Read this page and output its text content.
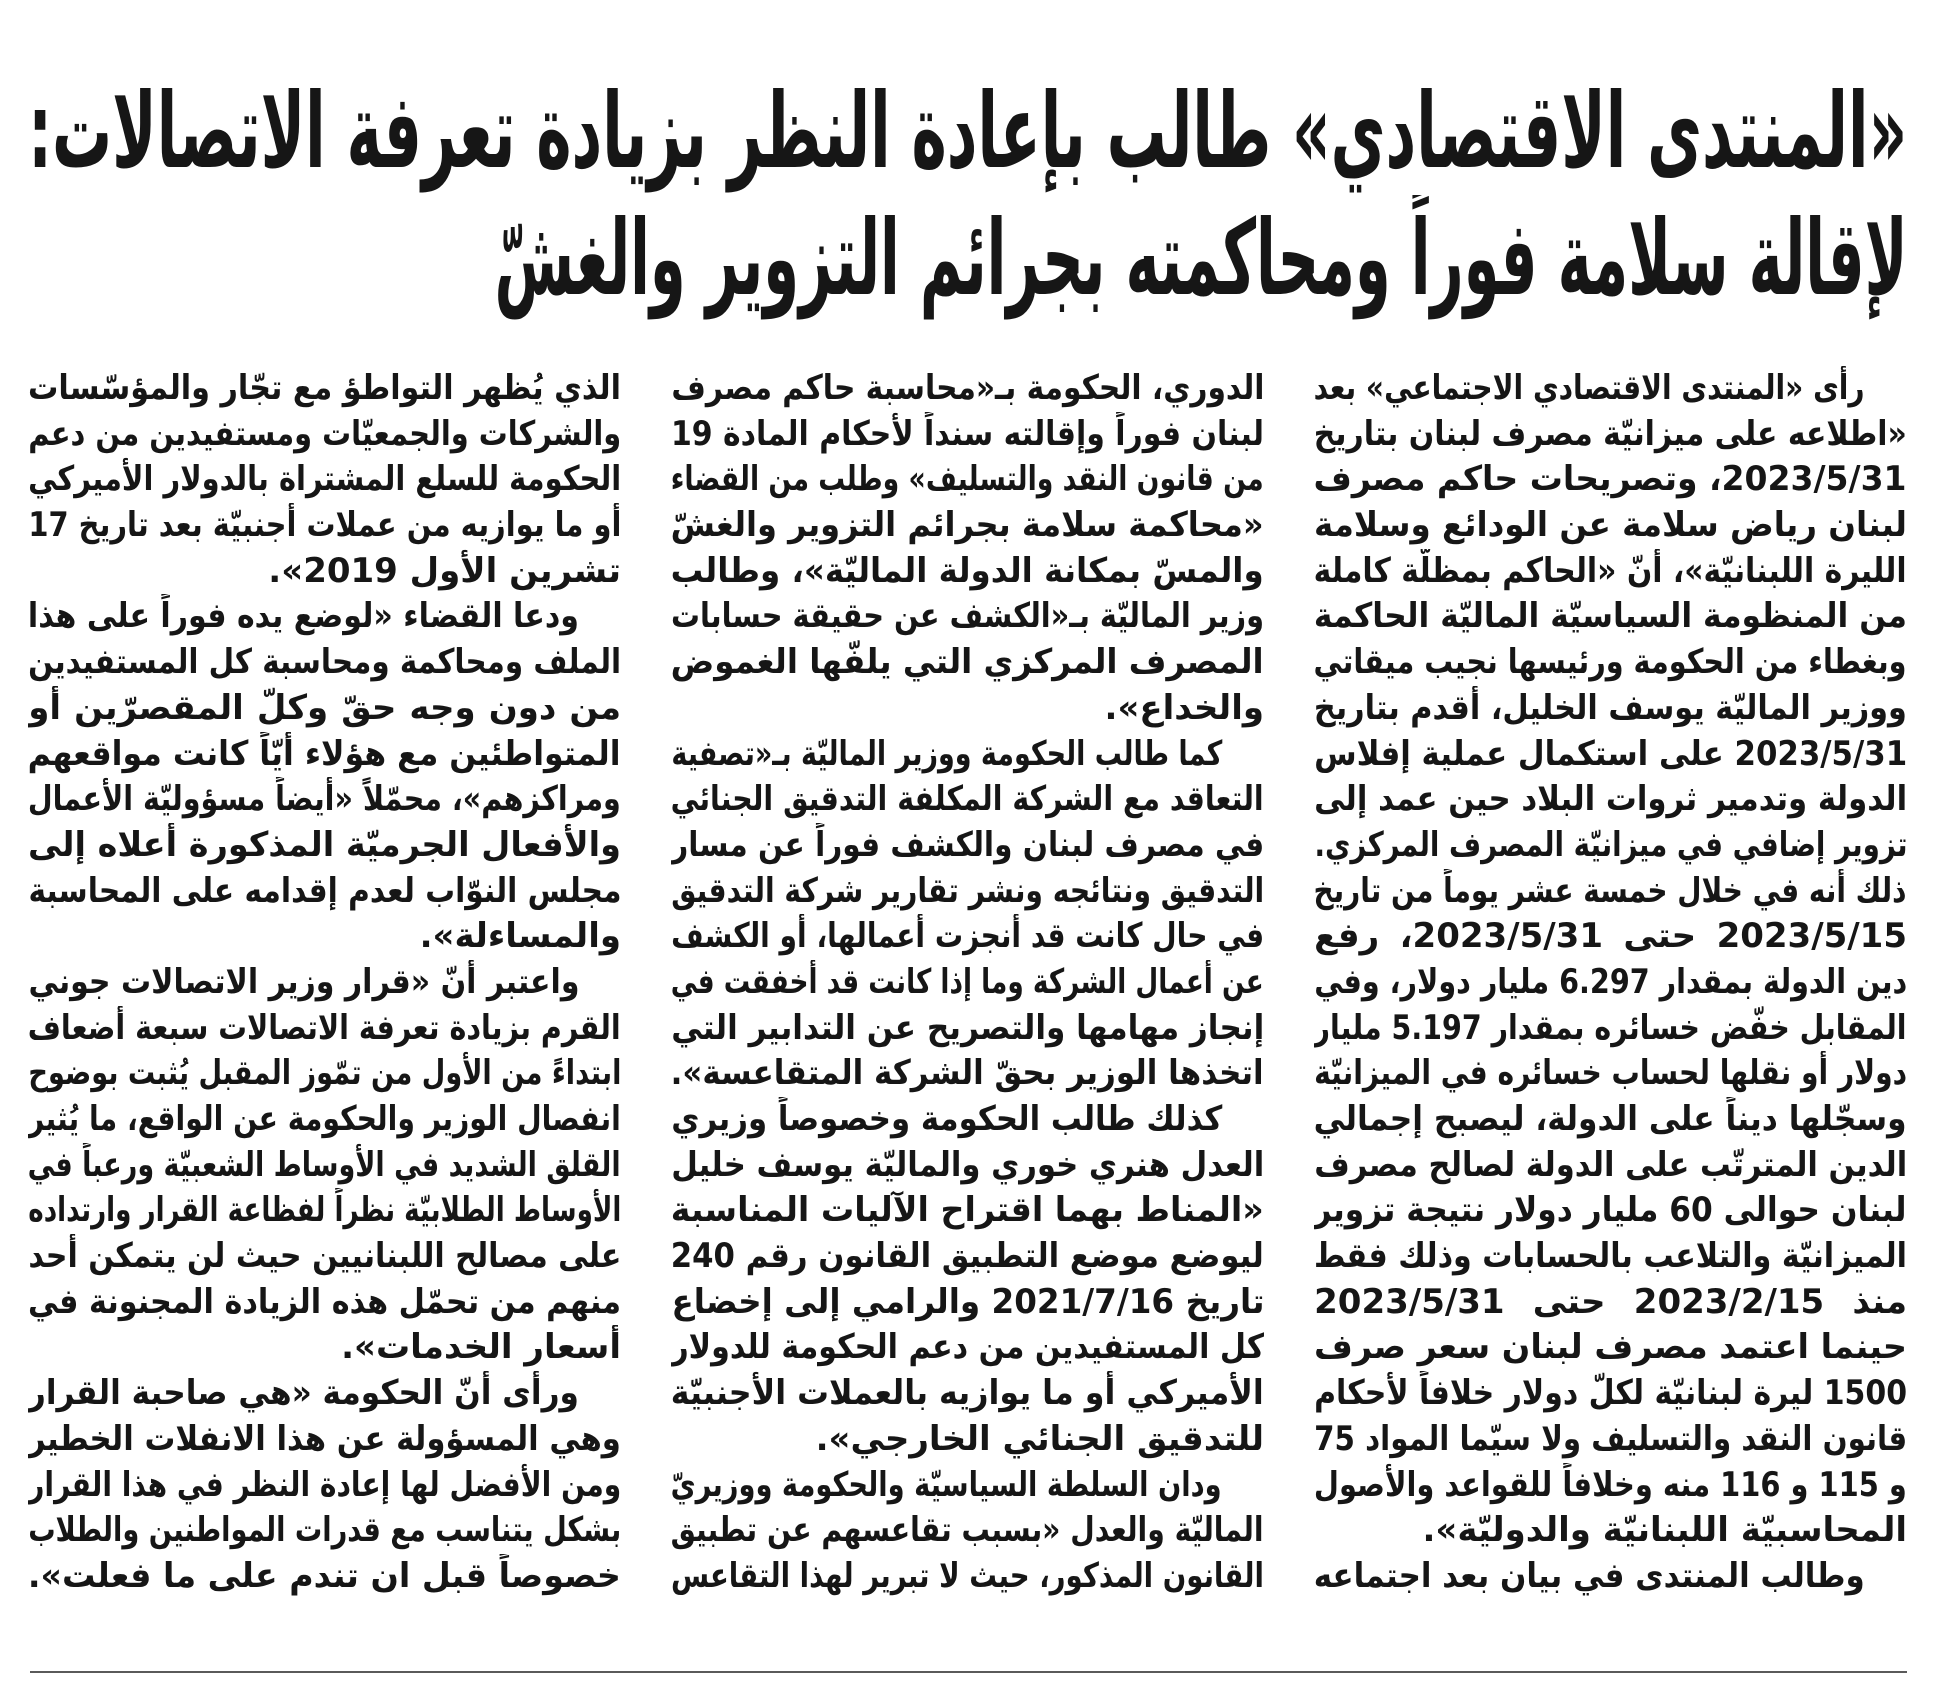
«المنتدى الاقتصادي» طالب بإعادة النظر بزيادة تعرفة الاتصالات:
لإقالة سلامة فوراً ومحاكمته بجرائم التزوير والغشّ
رأى «المنتدى الاقتصادي الاجتماعي» بعد
«اطلاعه على ميزانيّة مصرف لبنان بتاريخ
2023/5/31، وتصريحات حاكم مصرف
لبنان رياض سلامة عن الودائع وسلامة
الليرة اللبنانيّة»، أنّ «الحاكم بمظلّة كاملة
من المنظومة السياسيّة الماليّة الحاكمة
وبغطاء من الحكومة ورئيسها نجيب ميقاتي
ووزير الماليّة يوسف الخليل، أقدم بتاريخ
2023/5/31 على استكمال عملية إفلاس
الدولة وتدمير ثروات البلاد حين عمد إلى
تزوير إضافي في ميزانيّة المصرف المركزي.
ذلك أنه في خلال خمسة عشر يوماً من تاريخ
2023/5/15 حتى 2023/5/31، رفع
دين الدولة بمقدار 6.297 مليار دولار، وفي
المقابل خفّض خسائره بمقدار 5.197 مليار
دولار أو نقلها لحساب خسائره في الميزانيّة
وسجّلها ديناً على الدولة، ليصبح إجمالي
الدين المترتّب على الدولة لصالح مصرف
لبنان حوالى 60 مليار دولار نتيجة تزوير
الميزانيّة والتلاعب بالحسابات وذلك فقط
منذ 2023/2/15 حتى 2023/5/31
حينما اعتمد مصرف لبنان سعر صرف
1500 ليرة لبنانيّة لكلّ دولار خلافاً لأحكام
قانون النقد والتسليف ولا سيّما المواد 75
و 115 و 116 منه وخلافاً للقواعد والأصول
المحاسبيّة اللبنانيّة والدوليّة».
وطالب المنتدى في بيان بعد اجتماعه
الدوري، الحكومة بـ«محاسبة حاكم مصرف
لبنان فوراً وإقالته سنداً لأحكام المادة 19
من قانون النقد والتسليف» وطلب من القضاء
«محاكمة سلامة بجرائم التزوير والغشّ
والمسّ بمكانة الدولة الماليّة»، وطالب
وزير الماليّة بـ«الكشف عن حقيقة حسابات
المصرف المركزي التي يلفّها الغموض
والخداع».
كما طالب الحكومة ووزير الماليّة بـ«تصفية
التعاقد مع الشركة المكلفة التدقيق الجنائي
في مصرف لبنان والكشف فوراً عن مسار
التدقيق ونتائجه ونشر تقارير شركة التدقيق
في حال كانت قد أنجزت أعمالها، أو الكشف
عن أعمال الشركة وما إذا كانت قد أخفقت في
إنجاز مهامها والتصريح عن التدابير التي
اتخذها الوزير بحقّ الشركة المتقاعسة».
كذلك طالب الحكومة وخصوصاً وزيري
العدل هنري خوري والماليّة يوسف خليل
«المناط بهما اقتراح الآليات المناسبة
ليوضع موضع التطبيق القانون رقم 240
تاريخ 2021/7/16 والرامي إلى إخضاع
كل المستفيدين من دعم الحكومة للدولار
الأميركي أو ما يوازيه بالعملات الأجنبيّة
للتدقيق الجنائي الخارجي».
ودان السلطة السياسيّة والحكومة ووزيريّ
الماليّة والعدل «بسبب تقاعسهم عن تطبيق
القانون المذكور، حيث لا تبرير لهذا التقاعس
الذي يُظهر التواطؤ مع تجّار والمؤسّسات
والشركات والجمعيّات ومستفيدين من دعم
الحكومة للسلع المشتراة بالدولار الأميركي
أو ما يوازيه من عملات أجنبيّة بعد تاريخ 17
تشرين الأول 2019».
ودعا القضاء «لوضع يده فوراً على هذا
الملف ومحاكمة ومحاسبة كل المستفيدين
من دون وجه حقّ وكلّ المقصرّين أو
المتواطئين مع هؤلاء أيّاً كانت مواقعهم
ومراكزهم»، محمّلاً «أيضاً مسؤوليّة الأعمال
والأفعال الجرميّة المذكورة أعلاه إلى
مجلس النوّاب لعدم إقدامه على المحاسبة
والمساءلة».
واعتبر أنّ «قرار وزير الاتصالات جوني
القرم بزيادة تعرفة الاتصالات سبعة أضعاف
ابتداءً من الأول من تمّوز المقبل يُثبت بوضوح
انفصال الوزير والحكومة عن الواقع، ما يُثير
القلق الشديد في الأوساط الشعبيّة ورعباً في
الأوساط الطلابيّة نظراً لفظاعة القرار وارتداده
على مصالح اللبنانيين حيث لن يتمكن أحد
منهم من تحمّل هذه الزيادة المجنونة في
أسعار الخدمات».
ورأى أنّ الحكومة «هي صاحبة القرار
وهي المسؤولة عن هذا الانفلات الخطير
ومن الأفضل لها إعادة النظر في هذا القرار
بشكل يتناسب مع قدرات المواطنين والطلاب
خصوصاً قبل ان تندم على ما فعلت».
